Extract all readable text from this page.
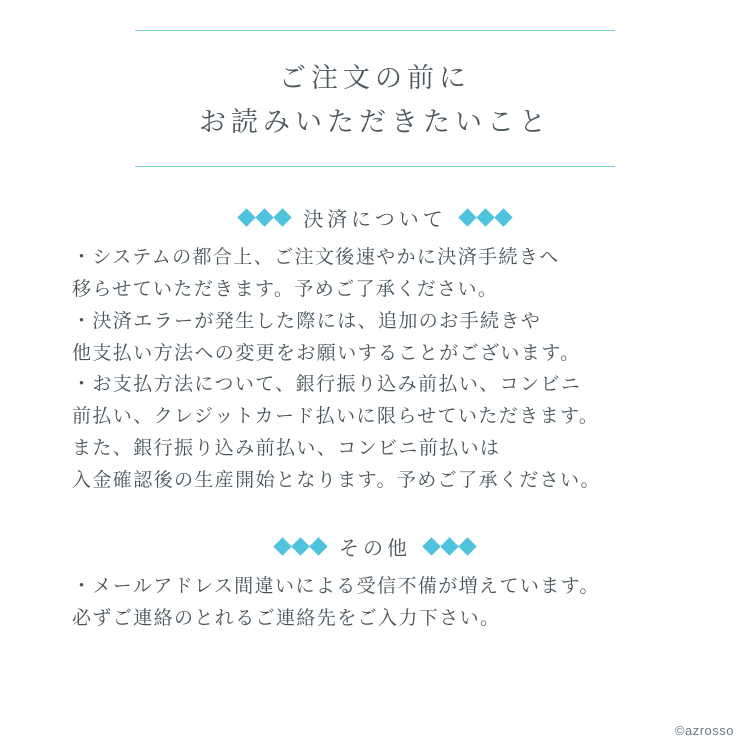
ご注文の前に
お読みいただきたいこと
決済について
・システムの都合上、ご注文後速やかに決済手続きへ
移らせていただきます。予めご了承ください。
・決済エラーが発生した際には、追加のお手続きや
他支払い方法への変更をお願いすることがございます。
・お支払方法について、銀行振り込み前払い、コンビニ
前払い、クレジットカード払いに限らせていただきます。
また、銀行振り込み前払い、コンビニ前払いは
入金確認後の生産開始となります。予めご了承ください。
その他
・メールアドレス間違いによる受信不備が増えています。
必ずご連絡のとれるご連絡先をご入力下さい。
©azrosso
